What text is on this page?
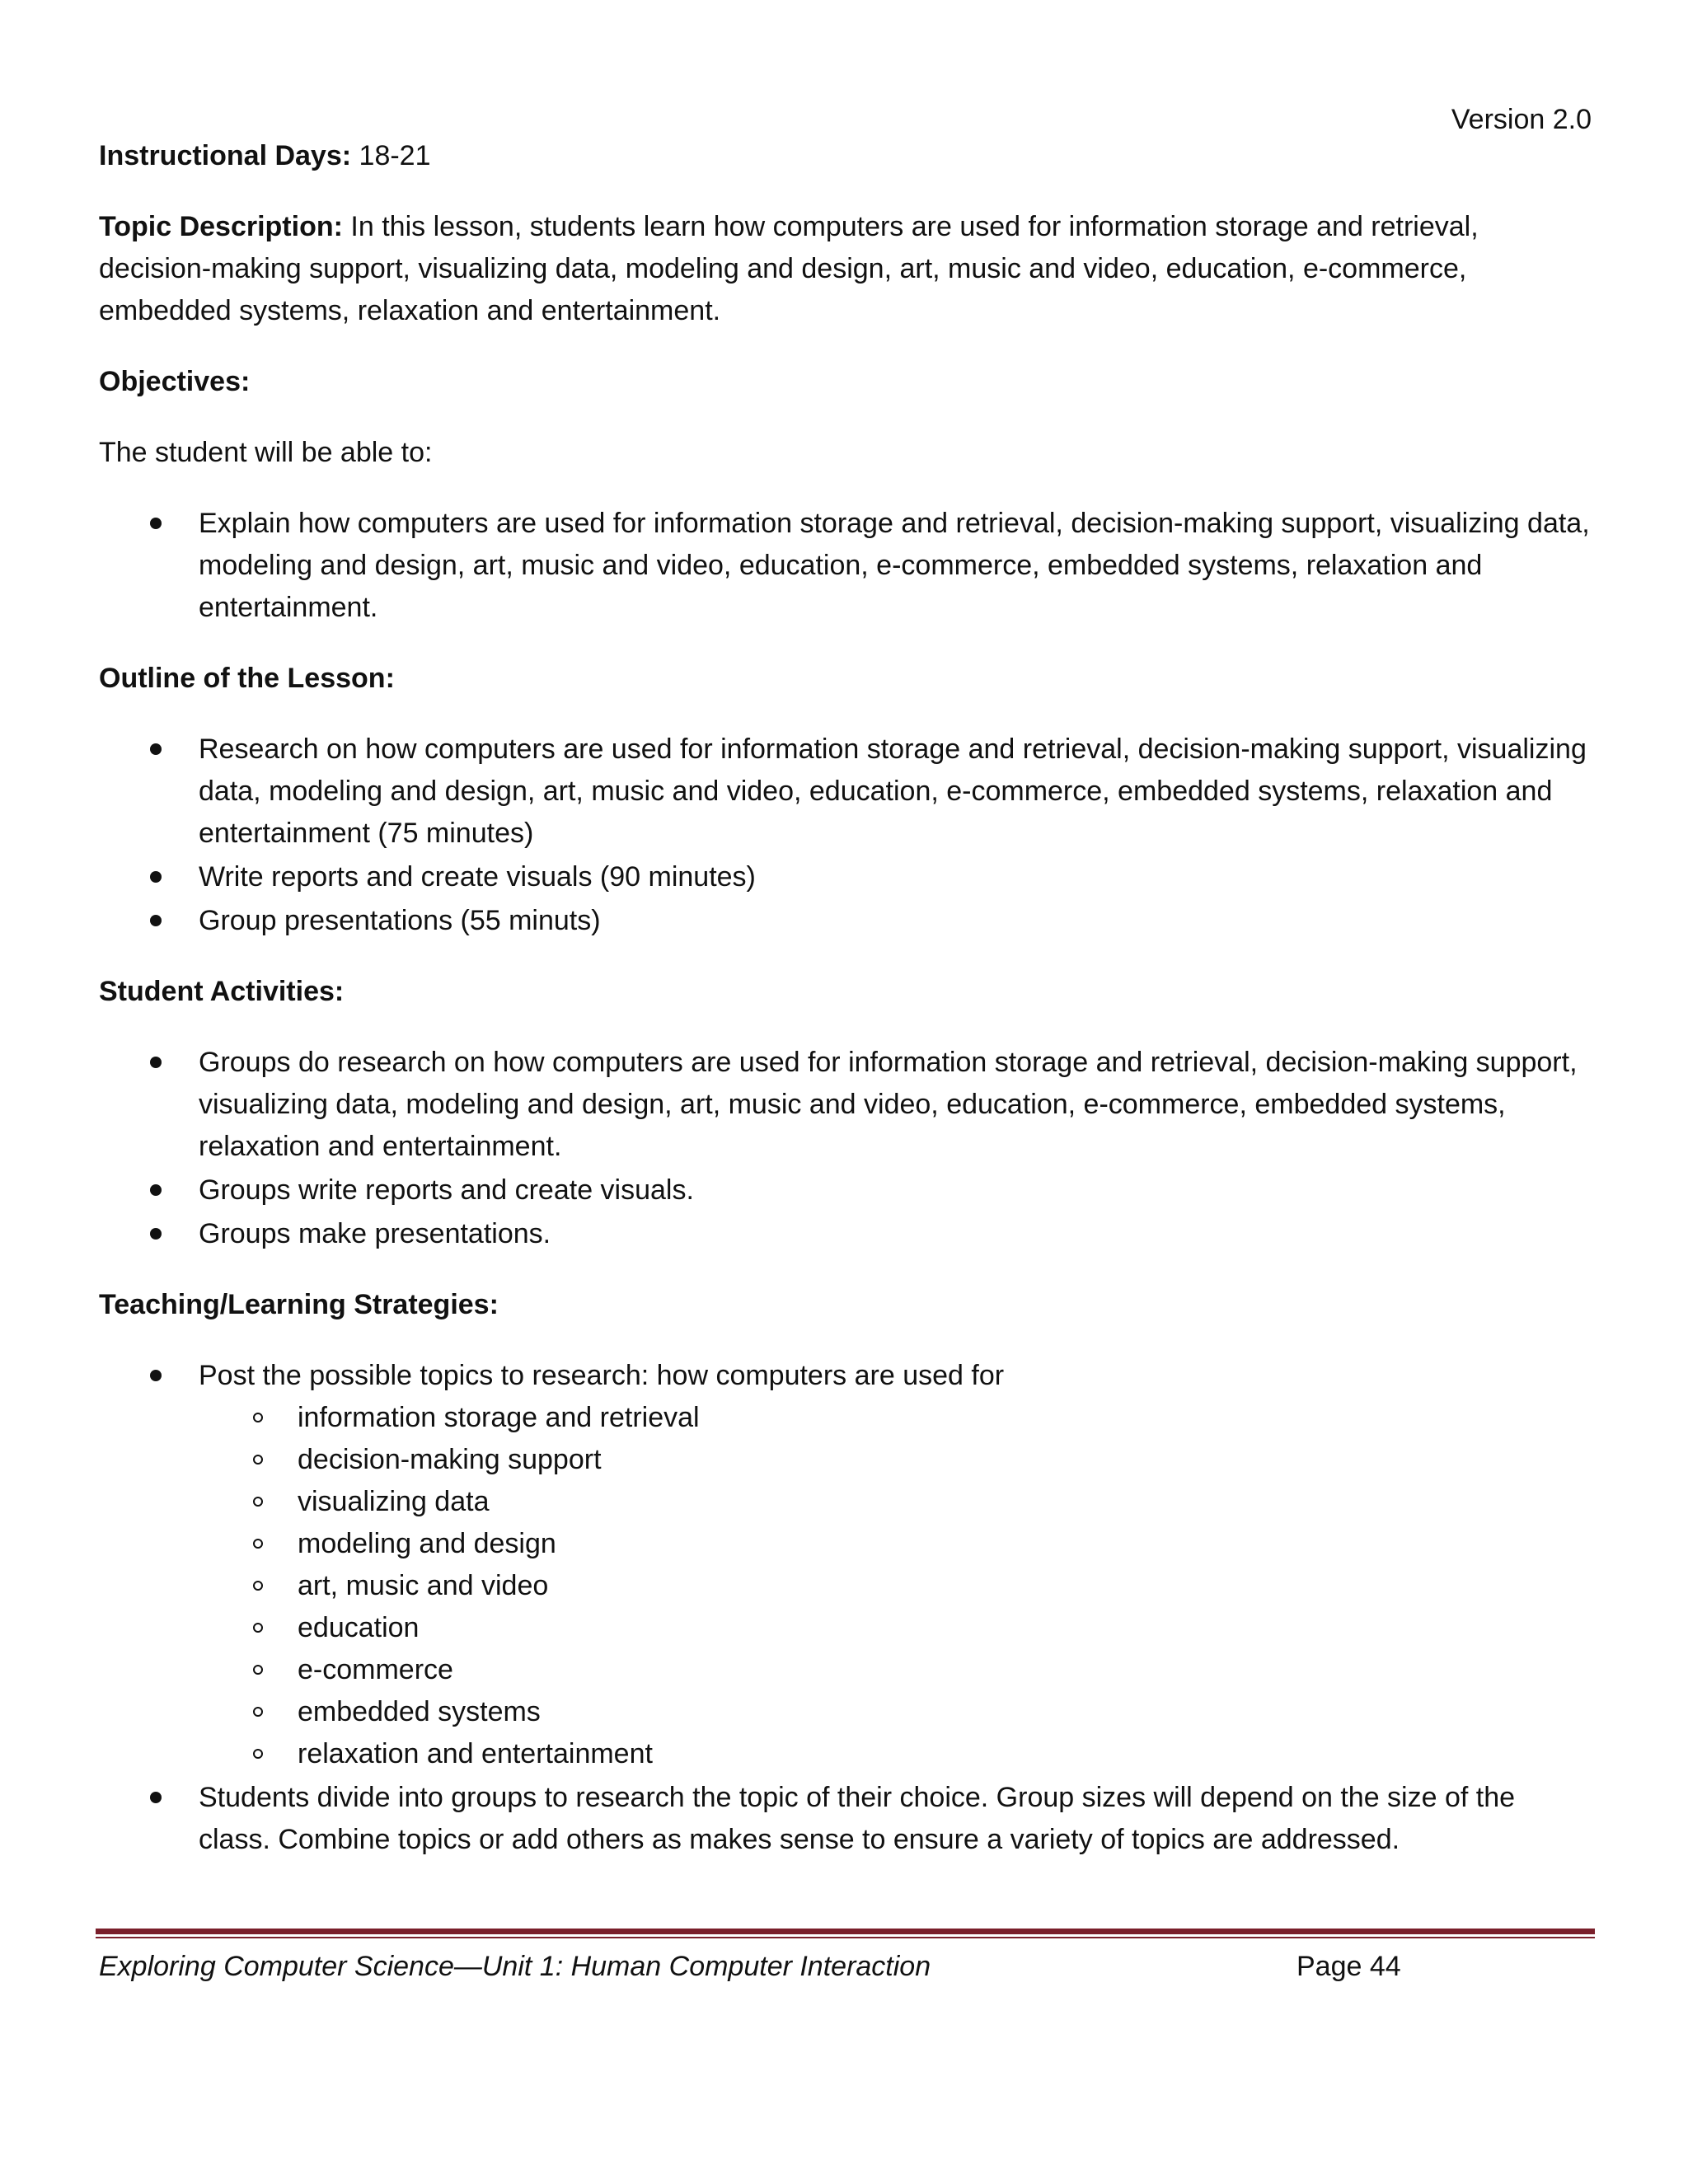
Version 2.0

Instructional Days: 18-21

Topic Description: In this lesson, students learn how computers are used for information storage and retrieval, decision-making support, visualizing data, modeling and design, art, music and video, education, e-commerce, embedded systems, relaxation and entertainment.

Objectives:

The student will be able to:

Explain how computers are used for information storage and retrieval, decision-making support, visualizing data, modeling and design, art, music and video, education, e-commerce, embedded systems, relaxation and entertainment.

Outline of the Lesson:

Research on how computers are used for information storage and retrieval, decision-making support, visualizing data, modeling and design, art, music and video, education, e-commerce, embedded systems, relaxation and entertainment (75 minutes)
Write reports and create visuals (90 minutes)
Group presentations (55 minuts)

Student Activities:

Groups do research on how computers are used for information storage and retrieval, decision-making support, visualizing data, modeling and design, art, music and video, education, e-commerce, embedded systems, relaxation and entertainment.
Groups write reports and create visuals.
Groups make presentations.

Teaching/Learning Strategies:

Post the possible topics to research: how computers are used for
information storage and retrieval
decision-making support
visualizing data
modeling and design
art, music and video
education
e-commerce
embedded systems
relaxation and entertainment
Students divide into groups to research the topic of their choice. Group sizes will depend on the size of the class. Combine topics or add others as makes sense to ensure a variety of topics are addressed.
Exploring Computer Science—Unit 1: Human Computer Interaction	Page 44
